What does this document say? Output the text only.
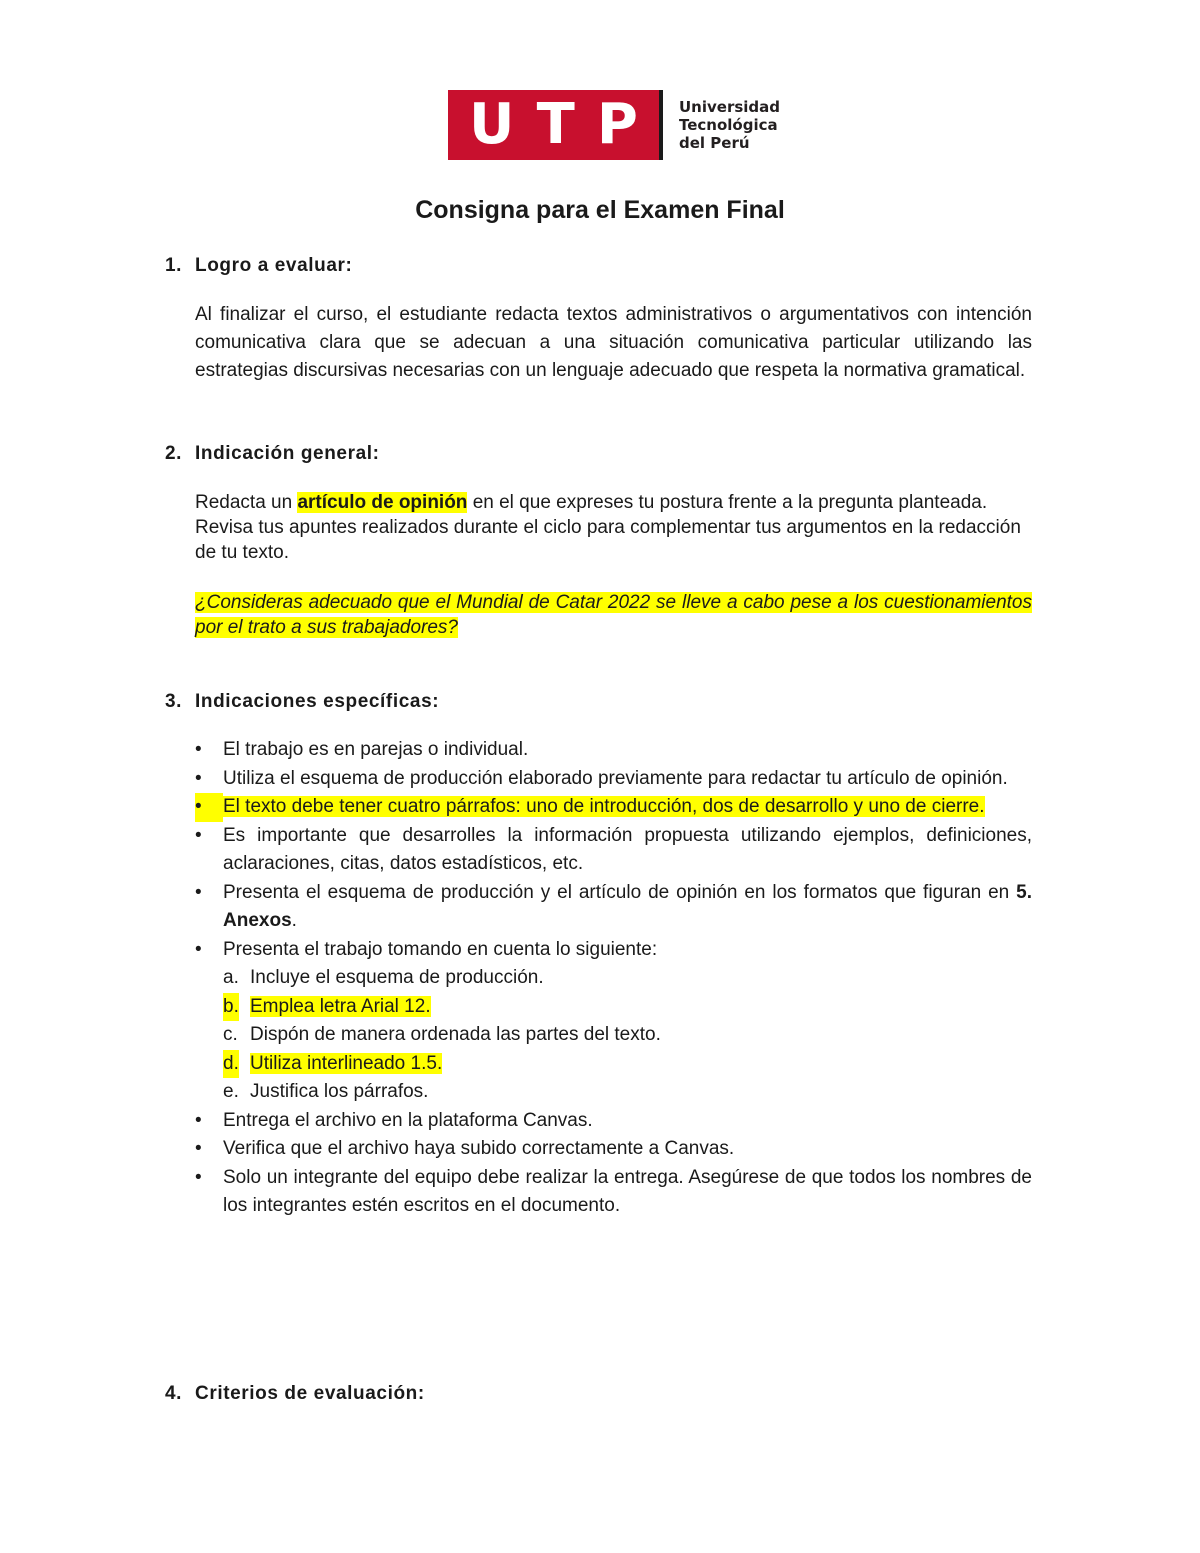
U T P	Universidad
Tecnológica
del Perú
Consigna para el Examen Final
1. Logro a evaluar:
Al finalizar el curso, el estudiante redacta textos administrativos o argumentativos con intención comunicativa clara que se adecuan a una situación comunicativa particular utilizando las estrategias discursivas necesarias con un lenguaje adecuado que respeta la normativa gramatical.
2. Indicación general:
Redacta un artículo de opinión en el que expreses tu postura frente a la pregunta planteada. Revisa tus apuntes realizados durante el ciclo para complementar tus argumentos en la redacción de tu texto.
¿Consideras adecuado que el Mundial de Catar 2022 se lleve a cabo pese a los cuestionamientos por el trato a sus trabajadores?
3. Indicaciones específicas:
•	El trabajo es en parejas o individual.
•	Utiliza el esquema de producción elaborado previamente para redactar tu artículo de opinión.
•	El texto debe tener cuatro párrafos: uno de introducción, dos de desarrollo y uno de cierre.
•	Es importante que desarrolles la información propuesta utilizando ejemplos, definiciones, aclaraciones, citas, datos estadísticos, etc.
•	Presenta el esquema de producción y el artículo de opinión en los formatos que figuran en 5. Anexos.
•	Presenta el trabajo tomando en cuenta lo siguiente:
a. Incluye el esquema de producción.
b. Emplea letra Arial 12.
c. Dispón de manera ordenada las partes del texto.
d. Utiliza interlineado 1.5.
e. Justifica los párrafos.
•	Entrega el archivo en la plataforma Canvas.
•	Verifica que el archivo haya subido correctamente a Canvas.
•	Solo un integrante del equipo debe realizar la entrega. Asegúrese de que todos los nombres de los integrantes estén escritos en el documento.
4. Criterios de evaluación:
